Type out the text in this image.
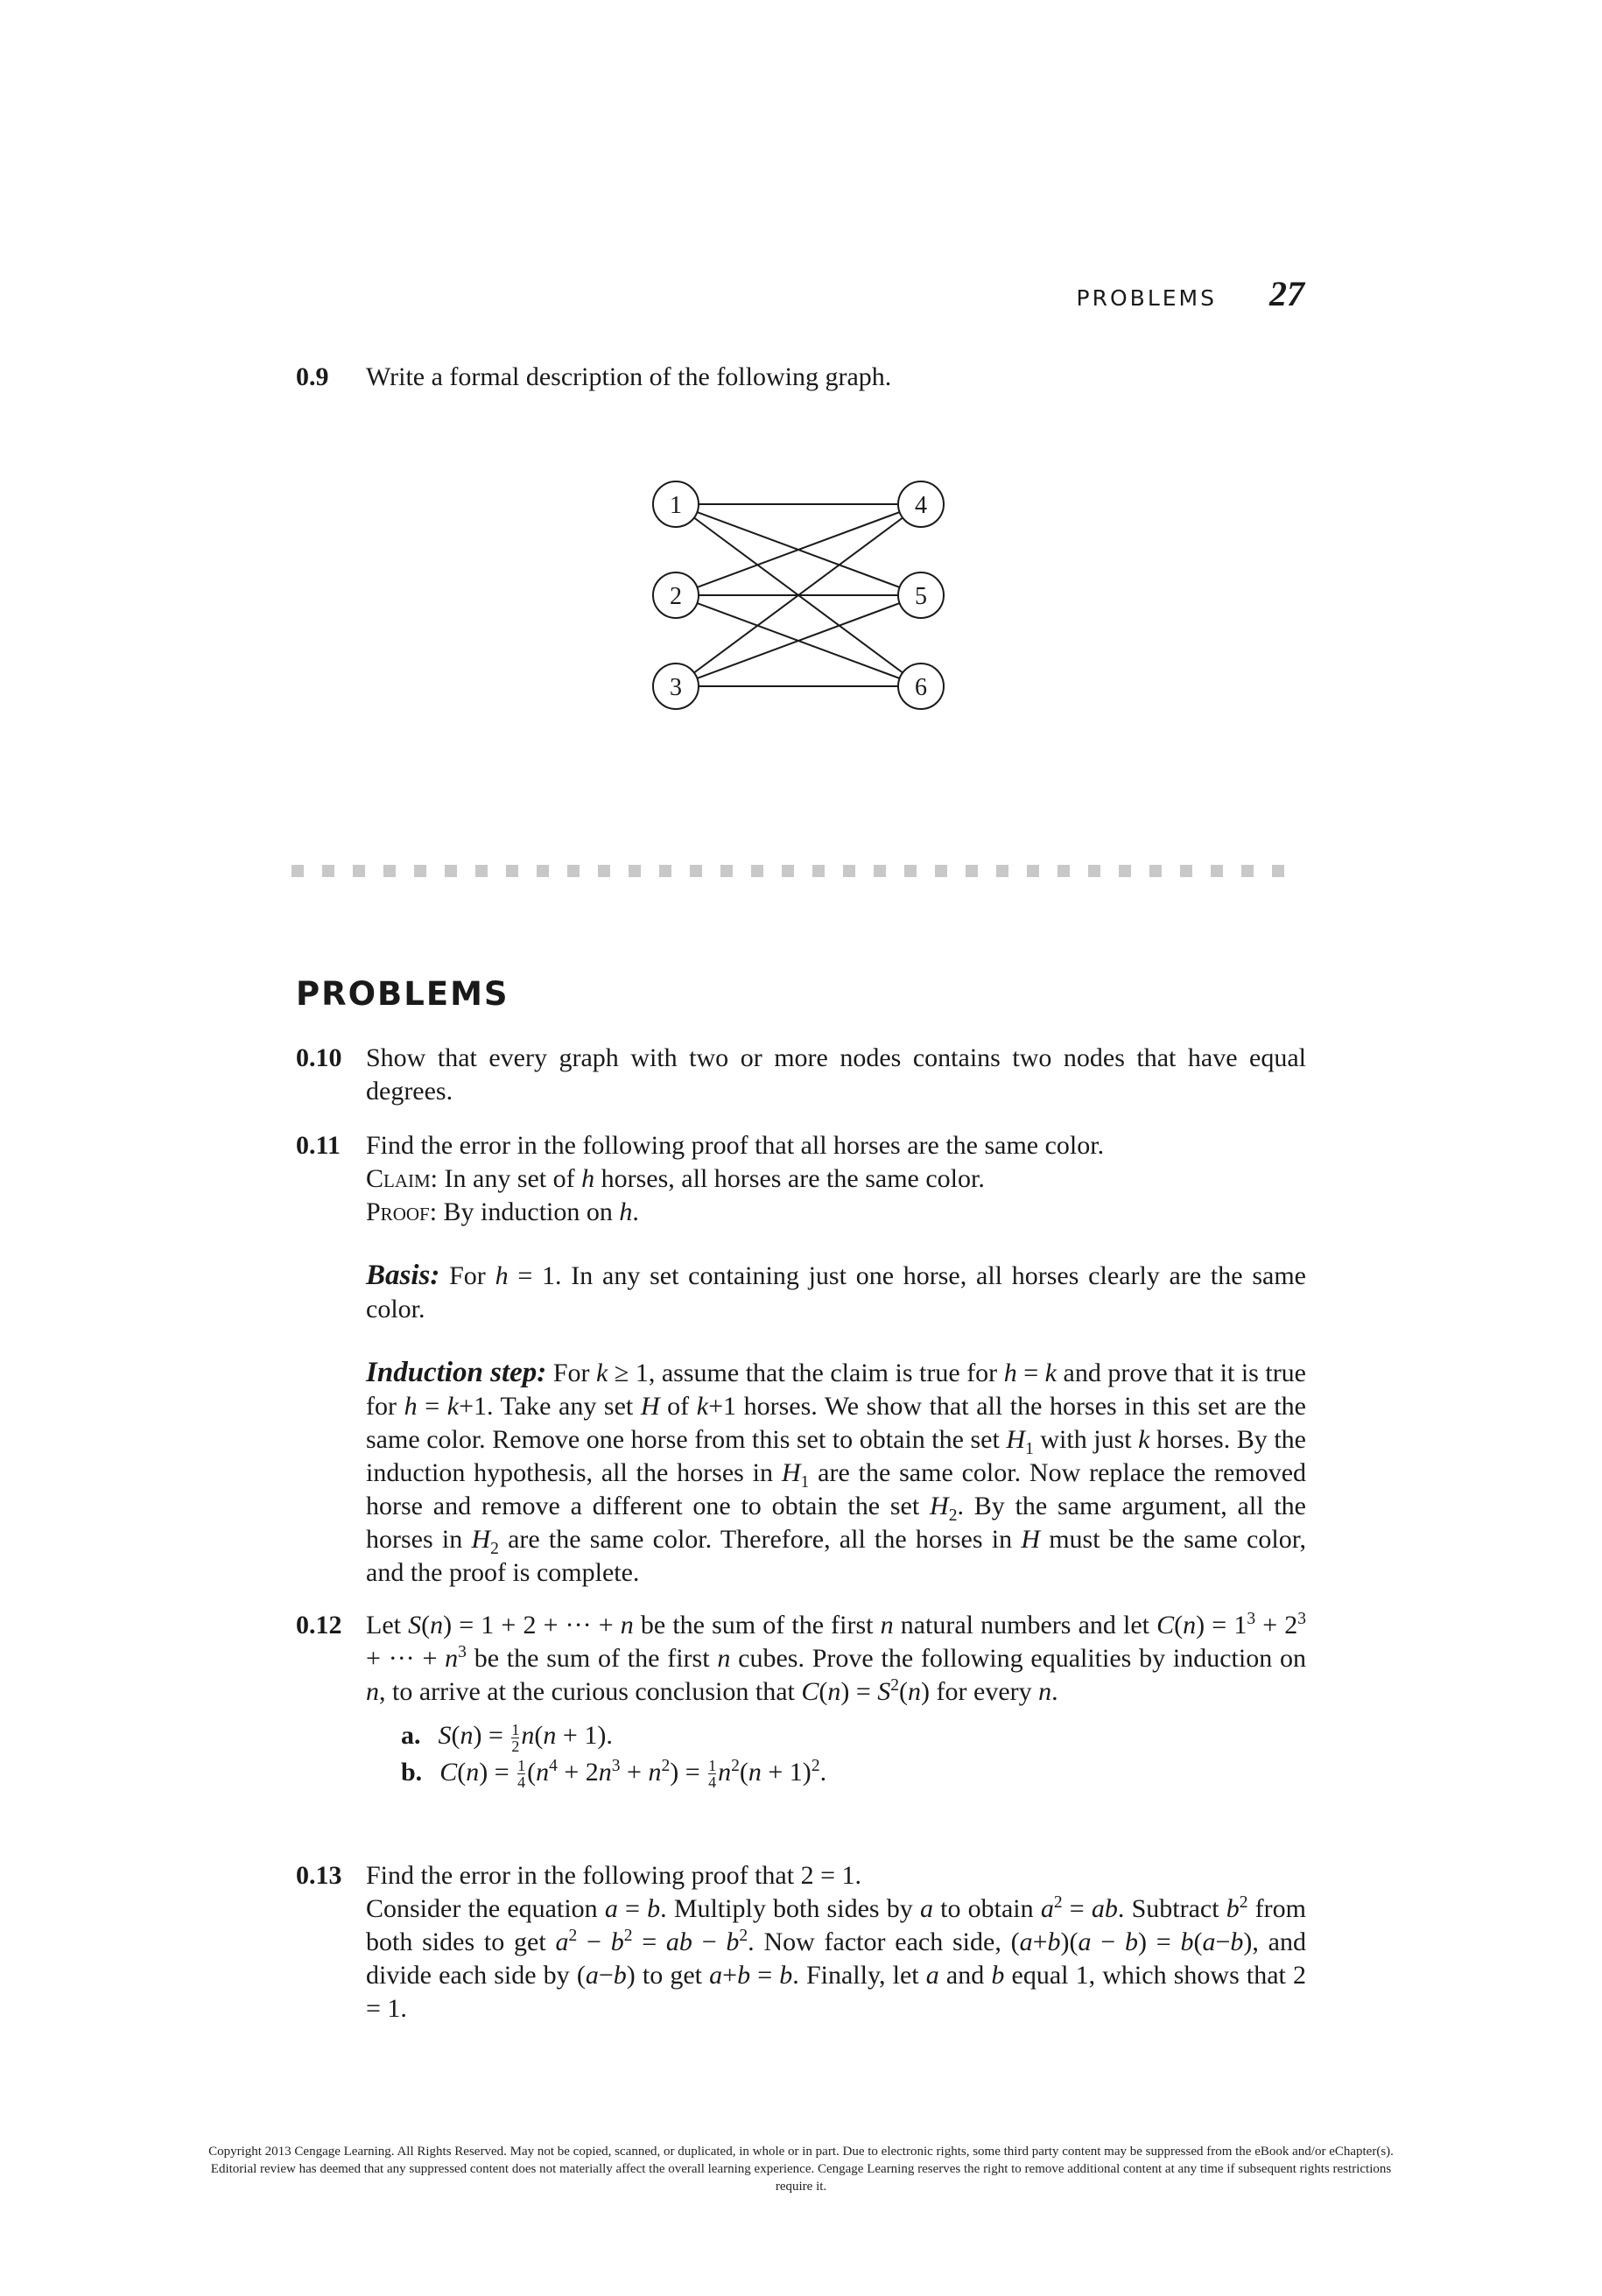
PROBLEMS 27
0.9 Write a formal description of the following graph.

1
2
3
4
5
6
PROBLEMS
0.10 Show that every graph with two or more nodes contains two nodes that have equal degrees.

0.11 Find the error in the following proof that all horses are the same color.

Claim: In any set of h horses, all horses are the same color.

Proof: By induction on h.

Basis: For h = 1. In any set containing just one horse, all horses clearly are the same color.

Induction step: For k ≥ 1, assume that the claim is true for h = k and prove that it is true for h = k+1. Take any set H of k+1 horses. We show that all the horses in this set are the same color. Remove one horse from this set to obtain the set $H_1$ with just k horses. By the induction hypothesis, all the horses in $H_1$ are the same color. Now replace the removed horse and remove a different one to obtain the set $H_2$. By the same argument, all the horses in $H_2$ are the same color. Therefore, all the horses in H must be the same color, and the proof is complete.

0.12 Let S(n) = 1 + 2 + ··· + n be the sum of the first n natural numbers and let $C(n) = 1^3 + 2^3$ + ··· + $n^3$ be the sum of the first n cubes. Prove the following equalities by induction on n, to arrive at the curious conclusion that $C(n) = S^2(n)$ for every n.

a. $S(n) = \frac{1}{2} n(n + 1)$.
b. $C(n) = \frac{1}{4} (n^4 + 2n^3 + n^2) = \frac{1}{4} n^2(n + 1)^2$.
0.13 Find the error in the following proof that 2 = 1.

Consider the equation a = b. Multiply both sides by a to obtain $a^2$ = ab. Subtract $b^2$ from both sides to get $a^2 - b^2$ = ab − $b^2$. Now factor each side, (a+b)(a − b) = b(a−b), and divide each side by (a−b) to get a+b = b. Finally, let a and b equal 1, which shows that 2 = 1.

Copyright 2013 Cengage Learning. All Rights Reserved. May not be copied, scanned, or duplicated, in whole or in part. Due to electronic rights, some third party content may be suppressed from the eBook and/or eChapter(s). Editorial review has deemed that any suppressed content does not materially affect the overall learning experience. Cengage Learning reserves the right to remove additional content at any time if subsequent rights restrictions require it.
